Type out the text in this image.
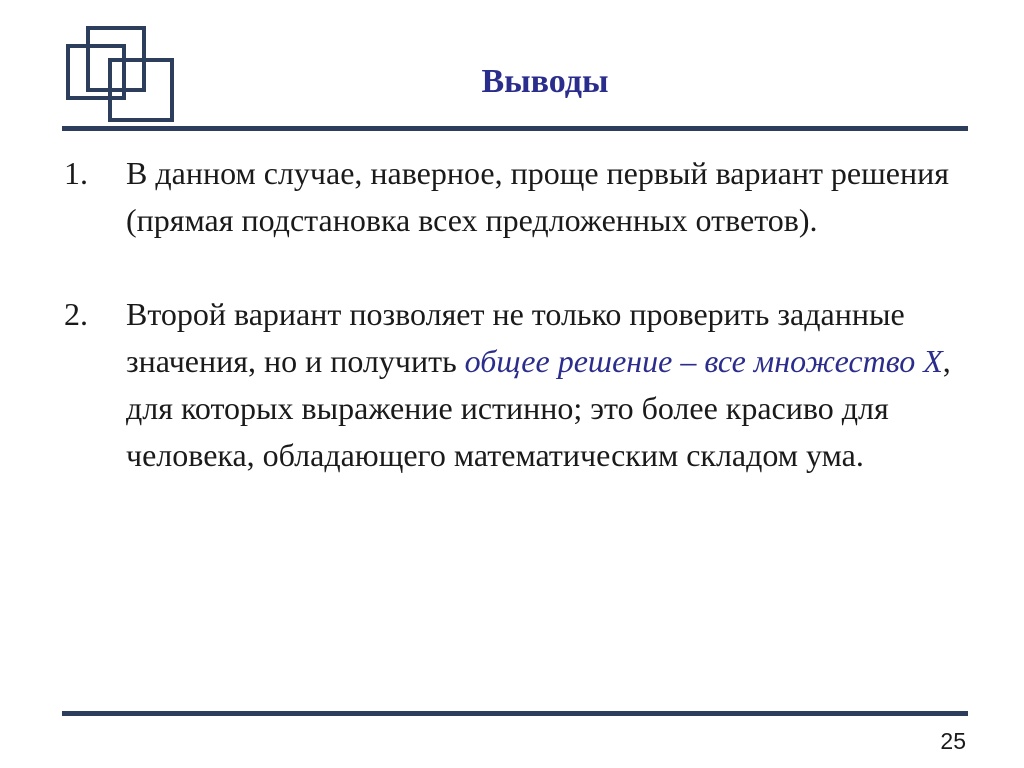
Выводы
1. В данном случае, наверное, проще первый вариант решения (прямая подстановка всех предложенных ответов).
2. Второй вариант позволяет не только проверить заданные значения, но и получить общее решение – все множество X, для которых выражение истинно; это более красиво для человека, обладающего математическим складом ума.
25
